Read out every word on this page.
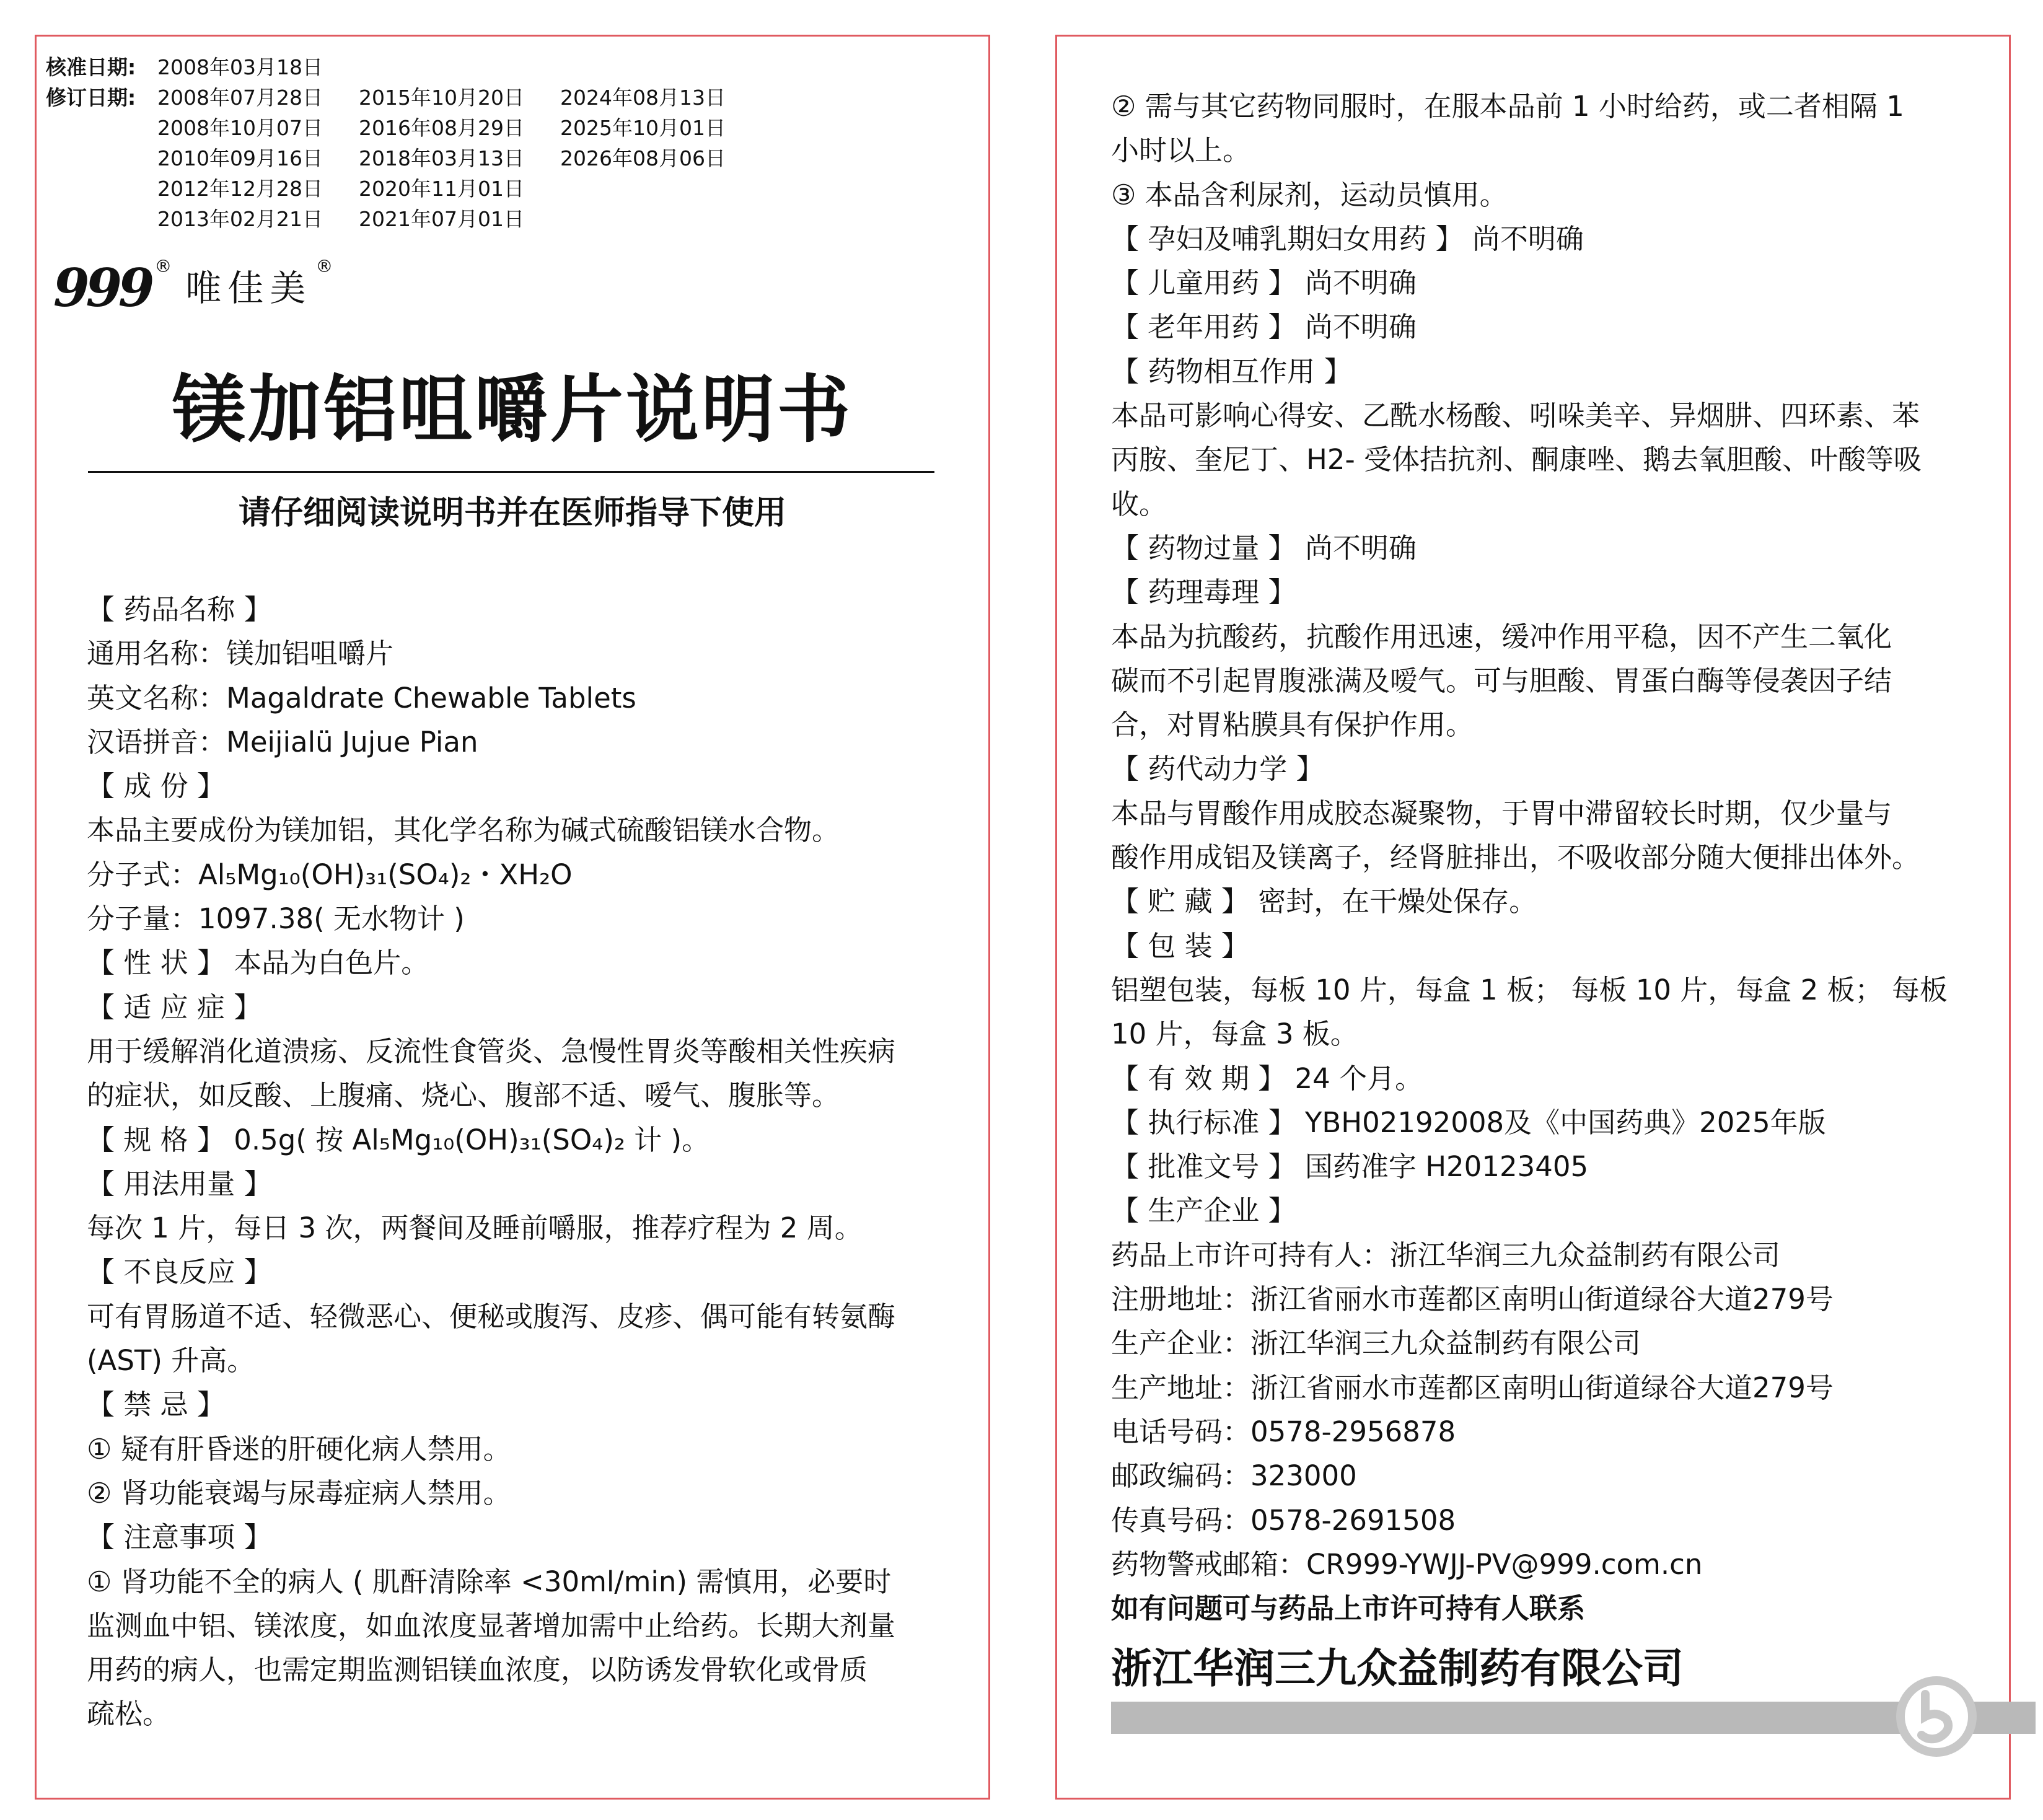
核准日期:	2008年03月18日
修订日期:	2008年07月28日	2015年10月20日	2024年08月13日
2008年10月07日	2016年08月29日	2025年10月01日
2010年09月16日	2018年03月13日	2026年08月06日
2012年12月28日	2020年11月01日
2013年02月21日	2021年07月01日
999 ®
唯佳美
®
镁加铝咀嚼片说明书
请仔细阅读说明书并在医师指导下使用
【 药品名称 】
通用名称：镁加铝咀嚼片
英文名称：Magaldrate Chewable Tablets
汉语拼音：Meijialü Jujue Pian
【 成 份 】
本品主要成份为镁加铝，其化学名称为碱式硫酸铝镁水合物。
分子式：Al₅Mg₁₀(OH)₃₁(SO₄)₂・XH₂O
分子量：1097.38( 无水物计 )
【 性 状 】 本品为白色片。
【 适 应 症 】
用于缓解消化道溃疡、反流性食管炎、急慢性胃炎等酸相关性疾病
的症状，如反酸、上腹痛、烧心、腹部不适、嗳气、腹胀等。
【 规 格 】 0.5g( 按 Al₅Mg₁₀(OH)₃₁(SO₄)₂ 计 )。
【 用法用量 】
每次 1 片，每日 3 次，两餐间及睡前嚼服，推荐疗程为 2 周。
【 不良反应 】
可有胃肠道不适、轻微恶心、便秘或腹泻、皮疹、偶可能有转氨酶
(AST) 升高。
【 禁 忌 】
① 疑有肝昏迷的肝硬化病人禁用。
② 肾功能衰竭与尿毒症病人禁用。
【 注意事项 】
① 肾功能不全的病人 ( 肌酐清除率 <30ml/min) 需慎用，必要时
监测血中铝、镁浓度，如血浓度显著增加需中止给药。长期大剂量
用药的病人，也需定期监测铝镁血浓度，以防诱发骨软化或骨质
疏松。
② 需与其它药物同服时，在服本品前 1 小时给药，或二者相隔 1
小时以上。
③ 本品含利尿剂，运动员慎用。
【 孕妇及哺乳期妇女用药 】 尚不明确
【 儿童用药 】 尚不明确
【 老年用药 】 尚不明确
【 药物相互作用 】
本品可影响心得安、乙酰水杨酸、吲哚美辛、异烟肼、四环素、苯
丙胺、奎尼丁、H2- 受体拮抗剂、酮康唑、鹅去氧胆酸、叶酸等吸
收。
【 药物过量 】 尚不明确
【 药理毒理 】
本品为抗酸药，抗酸作用迅速，缓冲作用平稳，因不产生二氧化
碳而不引起胃腹涨满及嗳气。可与胆酸、胃蛋白酶等侵袭因子结
合，对胃粘膜具有保护作用。
【 药代动力学 】
本品与胃酸作用成胶态凝聚物，于胃中滞留较长时期，仅少量与
酸作用成铝及镁离子，经肾脏排出，不吸收部分随大便排出体外。
【 贮 藏 】 密封，在干燥处保存。
【 包 装 】
铝塑包装，每板 10 片，每盒 1 板； 每板 10 片，每盒 2 板； 每板
10 片，每盒 3 板。
【 有 效 期 】 24 个月。
【 执行标准 】 YBH02192008及《中国药典》2025年版
【 批准文号 】 国药准字 H20123405
【 生产企业 】
药品上市许可持有人：浙江华润三九众益制药有限公司
注册地址：浙江省丽水市莲都区南明山街道绿谷大道279号
生产企业：浙江华润三九众益制药有限公司
生产地址：浙江省丽水市莲都区南明山街道绿谷大道279号
电话号码：0578-2956878
邮政编码：323000
传真号码：0578-2691508
药物警戒邮箱：CR999-YWJJ-PV@999.com.cn
如有问题可与药品上市许可持有人联系
浙江华润三九众益制药有限公司
